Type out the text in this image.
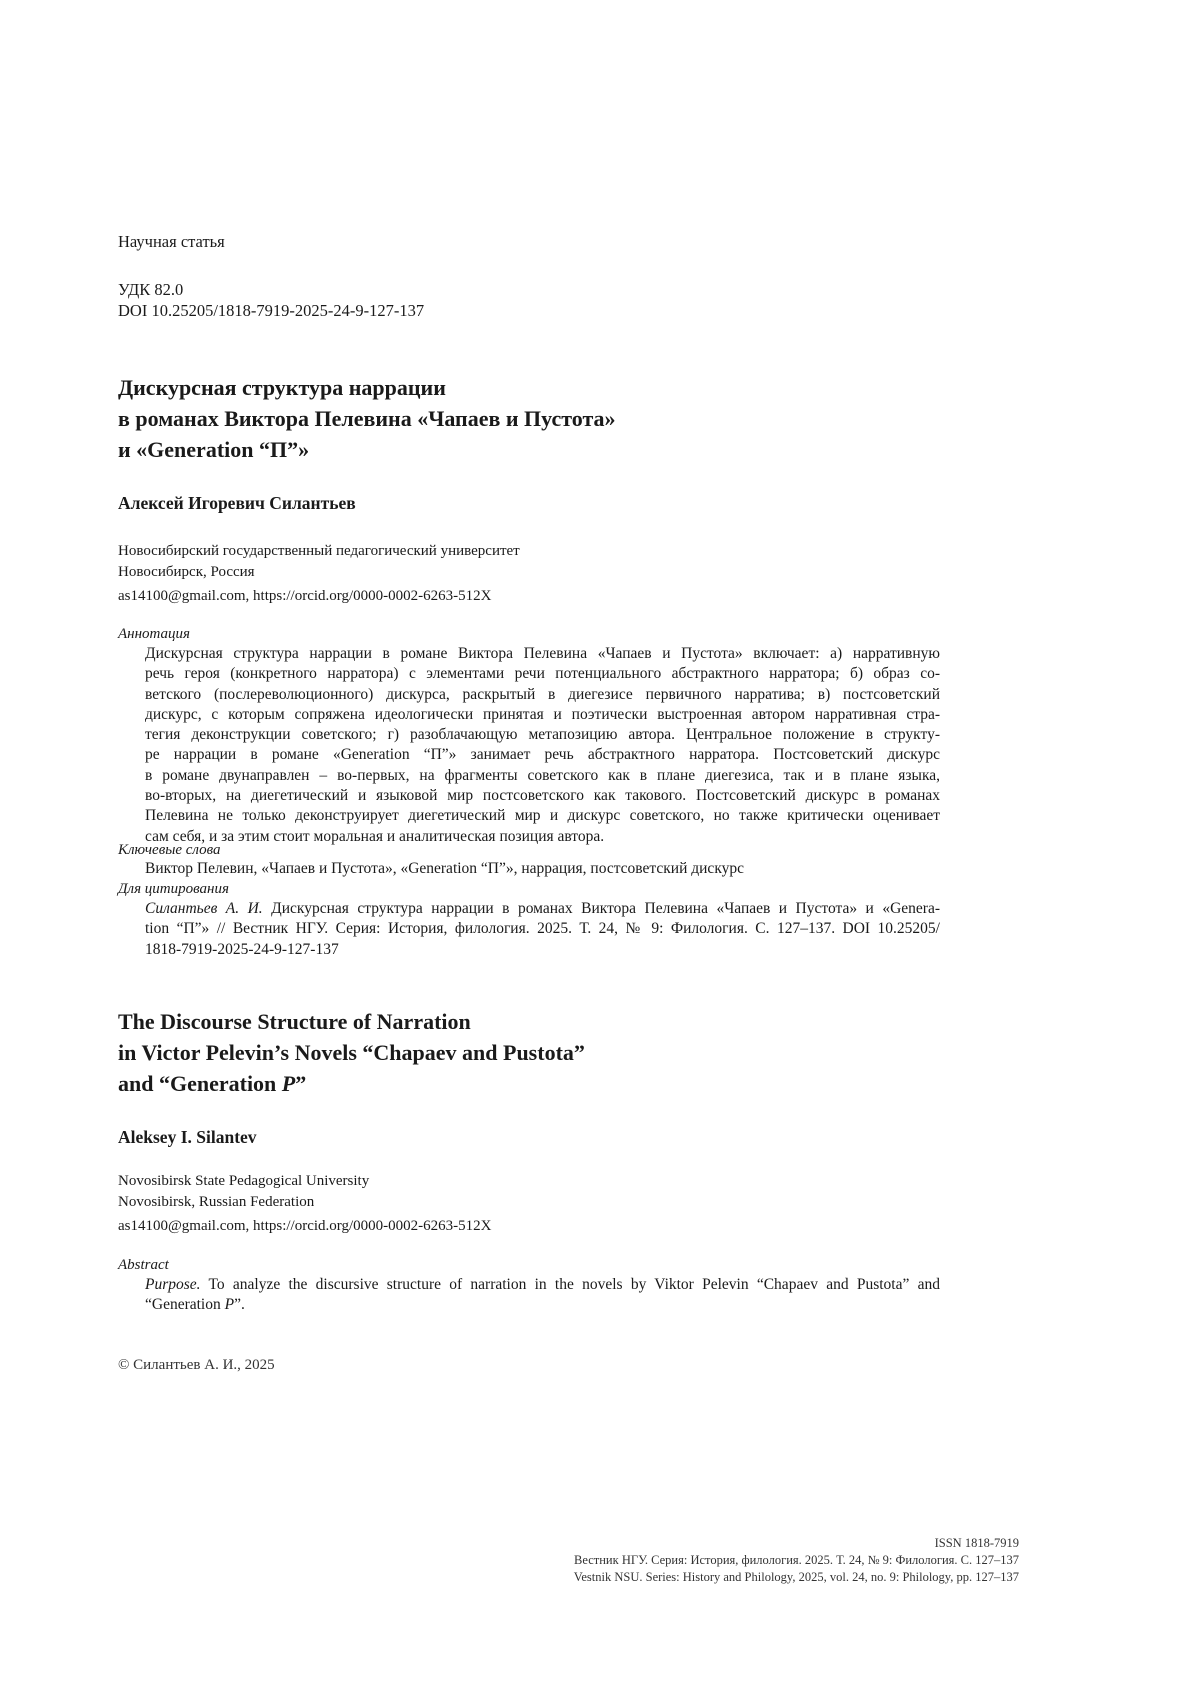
Научная статья
УДК 82.0
DOI 10.25205/1818-7919-2025-24-9-127-137
Дискурсная структура наррации
в романах Виктора Пелевина «Чапаев и Пустота»
и «Generation “П”»
Алексей Игоревич Силантьев
Новосибирский государственный педагогический университет
Новосибирск, Россия
as14100@gmail.com, https://orcid.org/0000-0002-6263-512X
Аннотация
Дискурсная структура наррации в романе Виктора Пелевина «Чапаев и Пустота» включает: а) нарративную
речь героя (конкретного нарратора) с элементами речи потенциального абстрактного нарратора; б) образ со-
ветского (послереволюционного) дискурса, раскрытый в диегезисе первичного нарратива; в) постсоветский
дискурс, с которым сопряжена идеологически принятая и поэтически выстроенная автором нарративная стра-
тегия деконструкции советского; г) разоблачающую метапозицию автора. Центральное положение в структу-
ре наррации в романе «Generation “П”» занимает речь абстрактного нарратора. Постсоветский дискурс
в романе двунаправлен – во-первых, на фрагменты советского как в плане диегезиса, так и в плане языка,
во-вторых, на диегетический и языковой мир постсоветского как такового. Постсоветский дискурс в романах
Пелевина не только деконструирует диегетический мир и дискурс советского, но также критически оценивает
сам себя, и за этим стоит моральная и аналитическая позиция автора.
Ключевые слова
Виктор Пелевин, «Чапаев и Пустота», «Generation “П”», наррация, постсоветский дискурс
Для цитирования
Силантьев А. И. Дискурсная структура наррации в романах Виктора Пелевина «Чапаев и Пустота» и «Genera-
tion “П”» // Вестник НГУ. Серия: История, филология. 2025. Т. 24, № 9: Филология. С. 127–137. DOI 10.25205/
1818-7919-2025-24-9-127-137
The Discourse Structure of Narration
in Victor Pelevin’s Novels “Chapaev and Pustota”
and “Generation P”
Aleksey I. Silantev
Novosibirsk State Pedagogical University
Novosibirsk, Russian Federation
as14100@gmail.com, https://orcid.org/0000-0002-6263-512X
Abstract
Purpose. To analyze the discursive structure of narration in the novels by Viktor Pelevin “Chapaev and Pustota” and
“Generation P”.
© Силантьев А. И., 2025
ISSN 1818-7919
Вестник НГУ. Серия: История, филология. 2025. Т. 24, № 9: Филология. С. 127–137
Vestnik NSU. Series: History and Philology, 2025, vol. 24, no. 9: Philology, pp. 127–137
